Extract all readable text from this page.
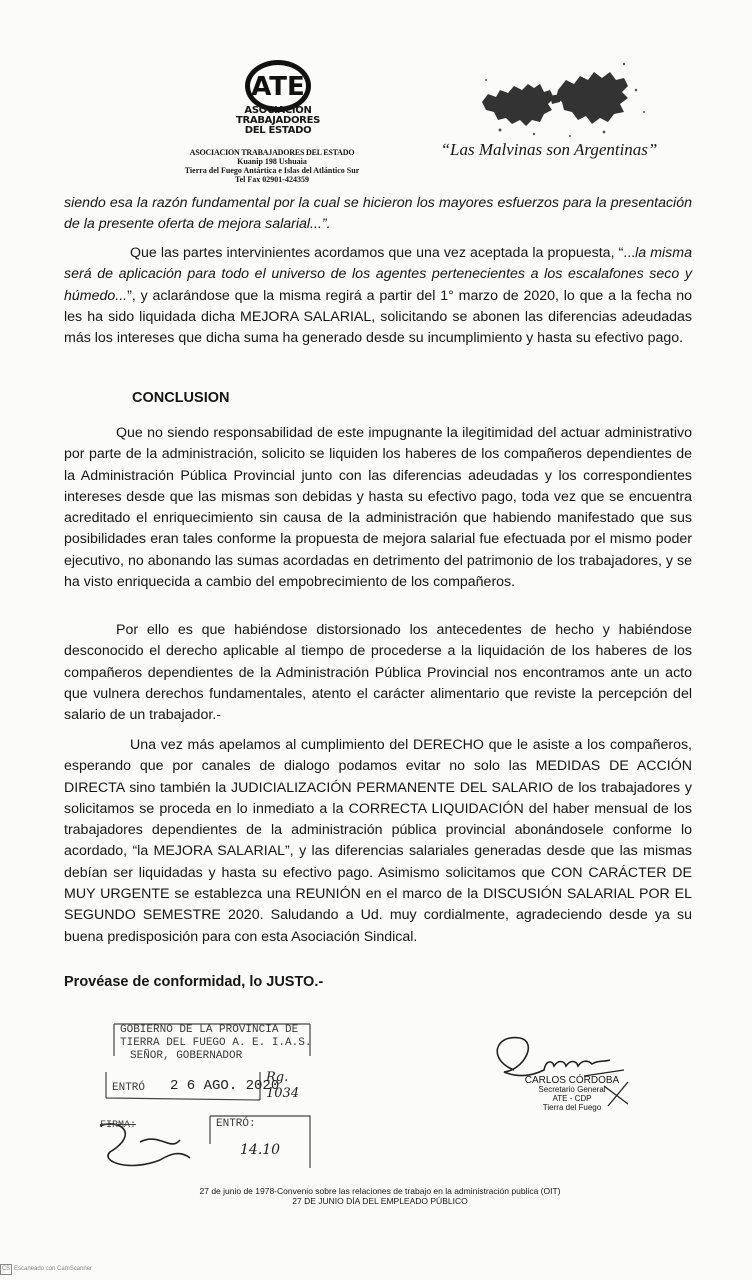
ATE
ASOCIACIÓN
TRABAJADORES
DEL ESTADO
ASOCIACION TRABAJADORES DEL ESTADO
Kuanip 198 Ushuaia
Tierra del Fuego Antártica e Islas del Atlántico Sur
Tel Fax 02901-424359
“Las Malvinas son Argentinas”
siendo esa la razón fundamental por la cual se hicieron los mayores esfuerzos para la presentación de la presente oferta de mejora salarial...”.
Que las partes intervinientes acordamos que una vez aceptada la propuesta, “...la misma será de aplicación para todo el universo de los agentes pertenecientes a los escalafones seco y húmedo...”, y aclarándose que la misma regirá a partir del 1° marzo de 2020, lo que a la fecha no les ha sido liquidada dicha MEJORA SALARIAL, solicitando se abonen las diferencias adeudadas más los intereses que dicha suma ha generado desde su incumplimiento y hasta su efectivo pago.
CONCLUSION
Que no siendo responsabilidad de este impugnante la ilegitimidad del actuar administrativo por parte de la administración, solicito se liquiden los haberes de los compañeros dependientes de la Administración Pública Provincial junto con las diferencias adeudadas y los correspondientes intereses desde que las mismas son debidas y hasta su efectivo pago, toda vez que se encuentra acreditado el enriquecimiento sin causa de la administración que habiendo manifestado que sus posibilidades eran tales conforme la propuesta de mejora salarial fue efectuada por el mismo poder ejecutivo, no abonando las sumas acordadas en detrimento del patrimonio de los trabajadores, y se ha visto enriquecida a cambio del empobrecimiento de los compañeros.
Por ello es que habiéndose distorsionado los antecedentes de hecho y habiéndose desconocido el derecho aplicable al tiempo de procederse a la liquidación de los haberes de los compañeros dependientes de la Administración Pública Provincial nos encontramos ante un acto que vulnera derechos fundamentales, atento el carácter alimentario que reviste la percepción del salario de un trabajador.-
Una vez más apelamos al cumplimiento del DERECHO que le asiste a los compañeros, esperando que por canales de dialogo podamos evitar no solo las MEDIDAS DE ACCIÓN DIRECTA sino también la JUDICIALIZACIÓN PERMANENTE DEL SALARIO de los trabajadores y solicitamos se proceda en lo inmediato a la CORRECTA LIQUIDACIÓN del haber mensual de los trabajadores dependientes de la administración pública provincial abonándosele conforme lo acordado, “la MEJORA SALARIAL”, y las diferencias salariales generadas desde que las mismas debían ser liquidadas y hasta su efectivo pago. Asimismo solicitamos que CON CARÁCTER DE MUY URGENTE se establezca una REUNIÓN en el marco de la DISCUSIÓN SALARIAL POR EL SEGUNDO SEMESTRE 2020. Saludando a Ud. muy cordialmente, agradeciendo desde ya su buena predisposición para con esta Asociación Sindical.
Provéase de conformidad, lo JUSTO.-
GOBIERNO DE LA PROVINCIA DE
TIERRA DEL FUEGO A. E. I.A.S.
SEÑOR, GOBERNADOR
ENTRÓ 2 6 AGO. 2020
Rg. 1034
FIRMA:	ENTRÓ:
14.10
CARLOS CÓRDOBA
Secretario General
ATE - CDP
Tierra del Fuego
27 de junio de 1978-Convenio sobre las relaciones de trabajo en la administración publica (OIT)
27 DE JUNIO DÍA DEL EMPLEADO PÚBLICO
CS Escaneado con CamScanner
